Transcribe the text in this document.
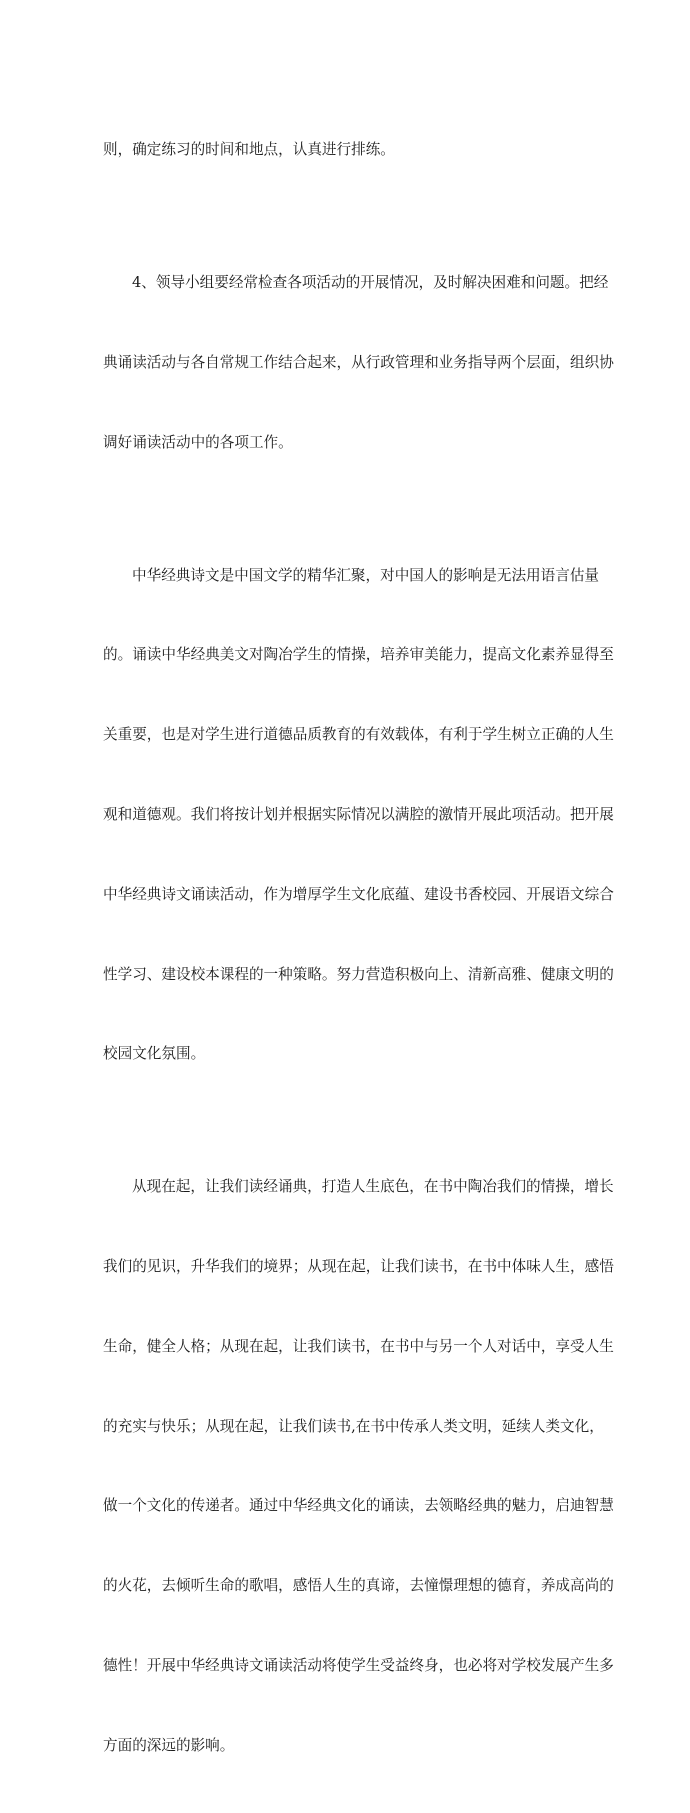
则，确定练习的时间和地点，认真进行排练。

4、领导小组要经常检查各项活动的开展情况，及时解决困难和问题。把经

典诵读活动与各自常规工作结合起来，从行政管理和业务指导两个层面，组织协

调好诵读活动中的各项工作。

中华经典诗文是中国文学的精华汇聚，对中国人的影响是无法用语言估量

的。诵读中华经典美文对陶冶学生的情操，培养审美能力，提高文化素养显得至

关重要，也是对学生进行道德品质教育的有效载体，有利于学生树立正确的人生

观和道德观。我们将按计划并根据实际情况以满腔的激情开展此项活动。把开展

中华经典诗文诵读活动，作为增厚学生文化底蕴、建设书香校园、开展语文综合

性学习、建设校本课程的一种策略。努力营造积极向上、清新高雅、健康文明的

校园文化氛围。

从现在起，让我们读经诵典，打造人生底色，在书中陶冶我们的情操，增长

我们的见识，升华我们的境界；从现在起，让我们读书，在书中体味人生，感悟

生命，健全人格；从现在起，让我们读书，在书中与另一个人对话中，享受人生

的充实与快乐；从现在起，让我们读书,在书中传承人类文明，延续人类文化，

做一个文化的传递者。通过中华经典文化的诵读，去领略经典的魅力，启迪智慧

的火花，去倾听生命的歌唱，感悟人生的真谛，去憧憬理想的德育，养成高尚的

德性！开展中华经典诗文诵读活动将使学生受益终身，也必将对学校发展产生多

方面的深远的影响。
